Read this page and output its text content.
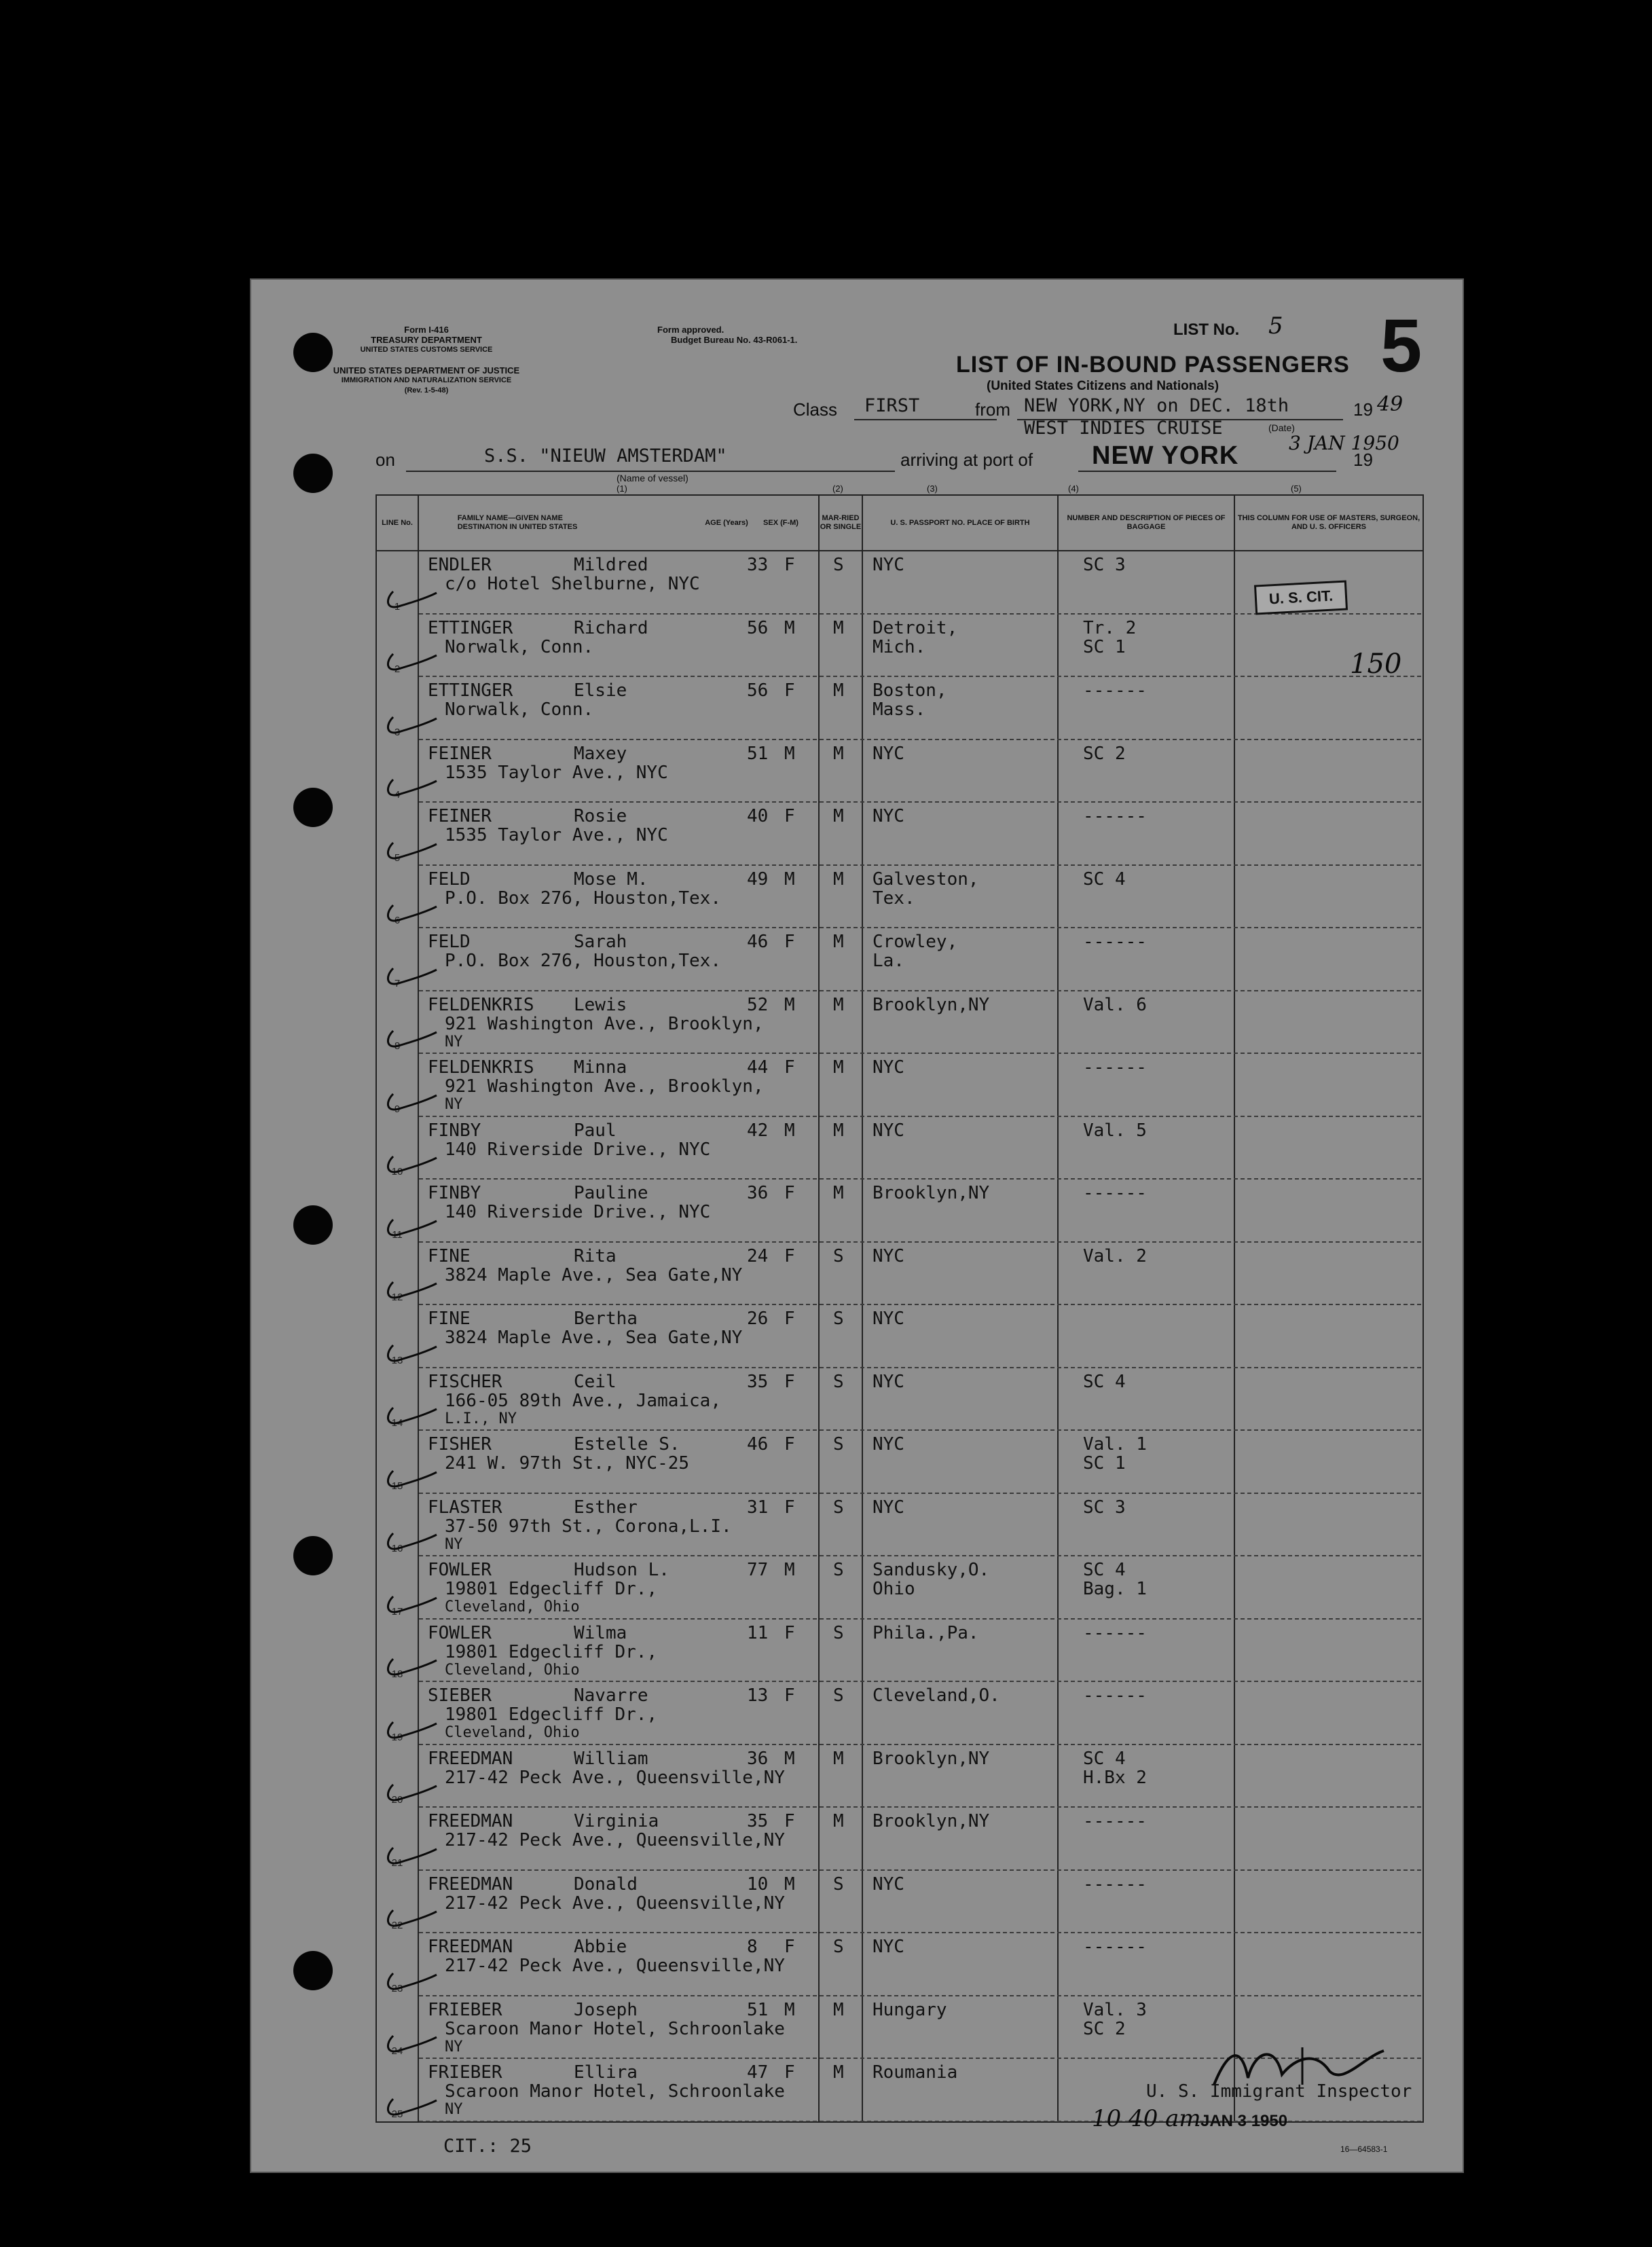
Form I-416
TREASURY DEPARTMENT
UNITED STATES CUSTOMS SERVICE
UNITED STATES DEPARTMENT OF JUSTICE
IMMIGRATION AND NATURALIZATION SERVICE
(Rev. 1-5-48)
Form approved.
Budget Bureau No. 43-R061-1.
LIST No. 5 5
LIST OF IN-BOUND PASSENGERS
(United States Citizens and Nationals)
Class FIRST	from NEW YORK,NY on DEC. 18th	19 49
WEST INDIES CRUISE	(Date)
on	S.S. "NIEUW AMSTERDAM"
(Name of vessel)
arriving at port of NEW YORK	3 JAN 1950
19
(1)	(2)	(3)	(4)	(5)
LINE No.
FAMILY NAME—GIVEN NAME
DESTINATION IN UNITED STATES
AGE (Years)	SEX (F-M)
MAR-RIED OR SINGLE
U. S. PASSPORT NO. PLACE OF BIRTH
NUMBER AND DESCRIPTION OF PIECES OF BAGGAGE
THIS COLUMN FOR USE OF MASTERS, SURGEON, AND U. S. OFFICERS
1
ENDLER	Mildred
c/o Hotel Shelburne, NYC
33 F S NYC	SC 3
2
ETTINGER	Richard
Norwalk, Conn.
56 M M Detroit,
Mich.
Tr. 2
SC 1
3
ETTINGER	Elsie
Norwalk, Conn.
56 F M Boston,
Mass.
------
4
FEINER	Maxey
1535 Taylor Ave., NYC
51 M M NYC	SC 2
5
FEINER	Rosie
1535 Taylor Ave., NYC
40 F M NYC	------
6
FELD	Mose M.
P.O. Box 276, Houston,Tex.
49 M M Galveston,
Tex.
SC 4
7
FELD	Sarah
P.O. Box 276, Houston,Tex.
46 F M Crowley,
La.
------
8
FELDENKRIS Lewis
921 Washington Ave., Brooklyn,
NY
52 M M Brooklyn,NY	Val. 6
9
FELDENKRIS Minna
921 Washington Ave., Brooklyn,
NY
44 F M NYC	------
10
FINBY	Paul
140 Riverside Drive., NYC
42 M M NYC	Val. 5
11
FINBY	Pauline
140 Riverside Drive., NYC
36 F M Brooklyn,NY	------
12
FINE	Rita
3824 Maple Ave., Sea Gate,NY
24 F S NYC	Val. 2
13
FINE	Bertha
3824 Maple Ave., Sea Gate,NY
26 F S NYC
14
FISCHER	Ceil
166-05 89th Ave., Jamaica,
L.I., NY
35 F S NYC	SC 4
15
FISHER	Estelle S.
241 W. 97th St., NYC-25
46 F S NYC	Val. 1
SC 1
16
FLASTER	Esther
37-50 97th St., Corona,L.I.
NY
31 F S NYC	SC 3
17
FOWLER	Hudson L.
19801 Edgecliff Dr.,
Cleveland, Ohio
77 M S Sandusky,O.
Ohio
SC 4
Bag. 1
18
FOWLER	Wilma
19801 Edgecliff Dr.,
Cleveland, Ohio
11 F S Phila.,Pa.	------
19
SIEBER	Navarre
19801 Edgecliff Dr.,
Cleveland, Ohio
13 F S Cleveland,O.	------
20
FREEDMAN	William
217-42 Peck Ave., Queensville,NY
36 M M Brooklyn,NY	SC 4
H.Bx 2
21
FREEDMAN	Virginia
217-42 Peck Ave., Queensville,NY
35 F M Brooklyn,NY	------
22
FREEDMAN	Donald
217-42 Peck Ave., Queensville,NY
10 M S NYC	------
23
FREEDMAN	Abbie
217-42 Peck Ave., Queensville,NY
8 F S NYC	------
24
FRIEBER	Joseph
Scaroon Manor Hotel, Schroonlake
NY
51 M M Hungary	Val. 3
SC 2
25
FRIEBER	Ellira
Scaroon Manor Hotel, Schroonlake
NY
47 F M Roumania
U. S. CIT.
150
U. S. Immigrant Inspector
JAN 3 1950
10 40 am
CIT.: 25	16—64583-1
